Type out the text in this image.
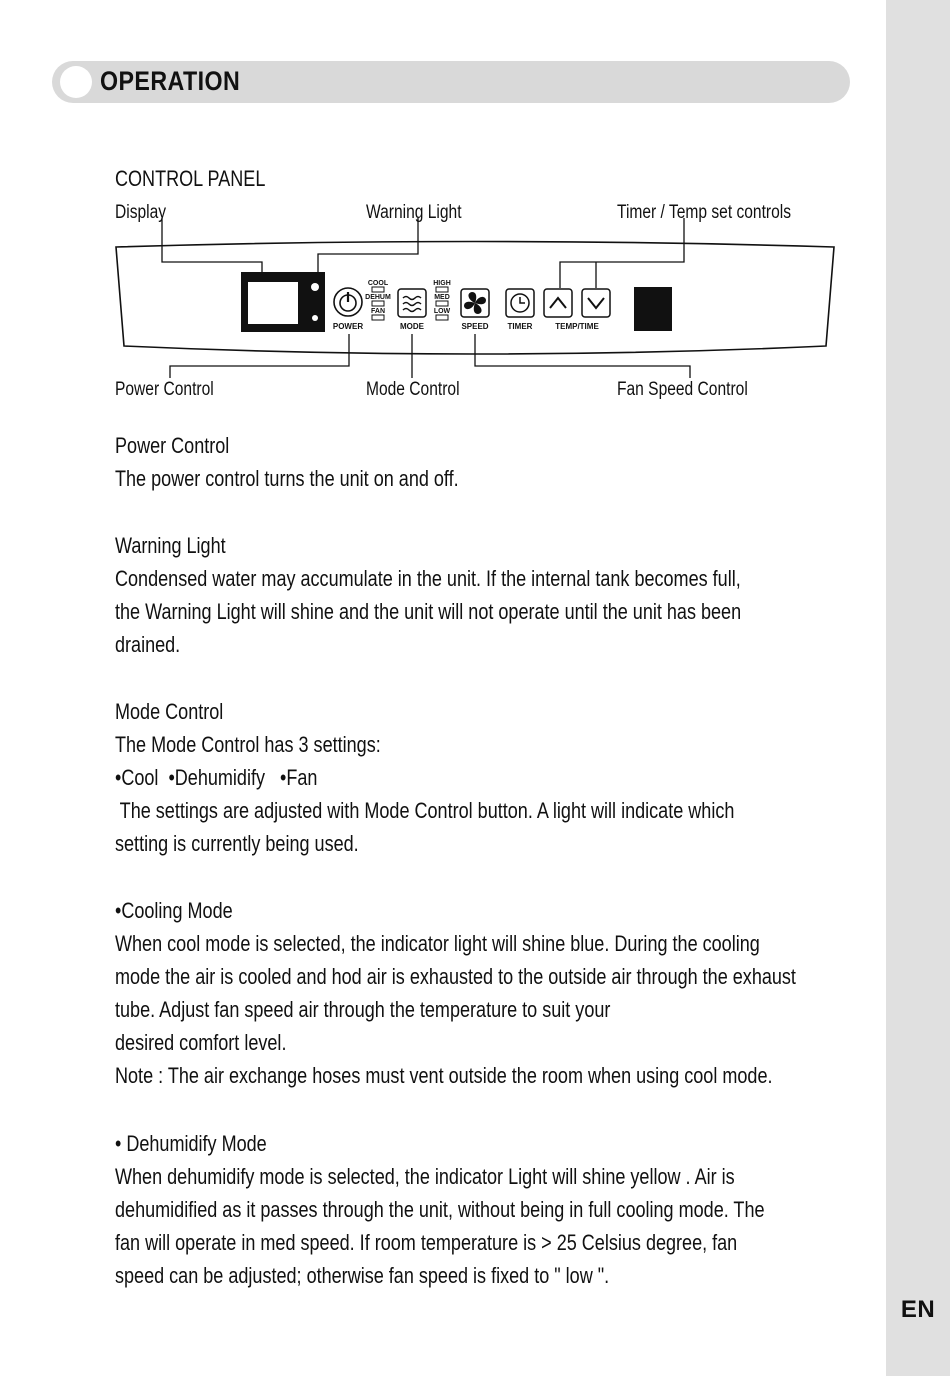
EN
OPERATION
CONTROL PANEL
Display	Warning Light	Timer / Temp set controls
COOL
DEHUM
FAN
HIGH
MED
LOW
POWER	MODE	SPEED TIMER	TEMP/TIME
Power Control	Mode Control	Fan Speed Control
Power Control
The power control turns the unit on and off.
Warning Light
Condensed water may accumulate in the unit. If the internal tank becomes full,
the Warning Light will shine and the unit will not operate until the unit has been
drained.
Mode Control
The Mode Control has 3 settings:
•Cool  •Dehumidify   •Fan
The settings are adjusted with Mode Control button. A light will indicate which
setting is currently being used.
•Cooling Mode
When cool mode is selected, the indicator light will shine blue. During the cooling
mode the air is cooled and hod air is exhausted to the outside air through the exhaust
tube. Adjust fan speed air through the temperature to suit your
desired comfort level.
Note : The air exchange hoses must vent outside the room when using cool mode.
• Dehumidify Mode
When dehumidify mode is selected, the indicator Light will shine yellow . Air is
dehumidified as it passes through the unit, without being in full cooling mode. The
fan will operate in med speed. If room temperature is > 25 Celsius degree, fan
speed can be adjusted; otherwise fan speed is fixed to " low ".
